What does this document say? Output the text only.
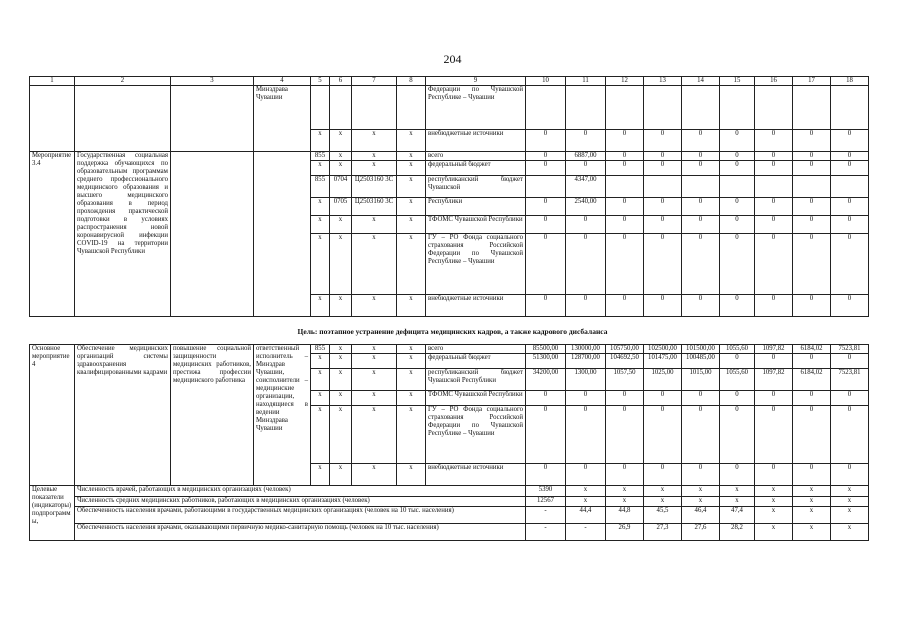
204
1	2	3	4	5	6	7	8	9	10	11	12	13	14	15	16	17	18
			Минздрава Чувашии					Федерации по Чувашской Республике – Чувашии									
				x	x	x	x	внебюджетные источники	0	0	0	0	0	0	0	0	0
Мероприятие 3.4	Государственная социальная поддержка обучающихся по образовательным программам среднего профессионального медицинского образования и высшего медицинского образования в период прохождения практической подготовки в условиях распространения новой коронавирусной инфекции COVID-19 на территории Чувашской Республики			855	x	x	x	всего	0	6887,00	0	0	0	0	0	0	0
				x	x	x	x	федеральный бюджет	0	0	0	0	0	0	0	0	0
				855	0704	Ц2503160 3С	x	республиканский бюджет Чувашской		4347,00							
				x	0705	Ц2503160 3С	x	Республики	0	2540,00	0	0	0	0	0	0	0
				x	x	x	x	ТФОМС Чувашской Республики	0	0	0	0	0	0	0	0	0
				x	x	x	x	ГУ – РО Фонда социального страхования Российской Федерации по Чувашской Республике – Чувашии	0	0	0	0	0	0	0	0	0
				x	x	x	x	внебюджетные источники	0	0	0	0	0	0	0	0	0
Цель: поэтапное устранение дефицита медицинских кадров, а также кадрового дисбаланса
Основное мероприятие 4	Обеспечение медицинских организаций системы здравоохранения квалифицированными кадрами	повышение социальной защищенности медицинских работников, престижа профессии медицинского работника	ответственный исполнитель – Минздрав Чувашии, соисполнители – медицинские организации, находящиеся в ведении Минздрава Чувашии	855	x	x	x	всего	85500,00	130000,00	105750,00	102500,00	101500,00	1055,60	1097,82	6184,02	7523,81
				x	x	x	x	федеральный бюджет	51300,00	128700,00	104692,50	101475,00	100485,00	0	0	0	0
				x	x	x	x	республиканский бюджет Чувашской Республики	34200,00	1300,00	1057,50	1025,00	1015,00	1055,60	1097,82	6184,02	7523,81
				x	x	x	x	ТФОМС Чувашской Республики	0	0	0	0	0	0	0	0	0
				x	x	x	x	ГУ – РО Фонда социального страхования Российской Федерации по Чувашской Республике – Чувашии	0	0	0	0	0	0	0	0	0
				x	x	x	x	внебюджетные источники	0	0	0	0	0	0	0	0	0
Целевые показатели (индикаторы) подпрограммы,	Численность врачей, работающих в медицинских организациях (человек)								5390	x	x	x	x	x	x	x	x
	Численность средних медицинских работников, работающих в медицинских организациях (человек)								12567	x	x	x	x	x	x	x	x
	Обеспеченность населения врачами, работающими в государственных медицинских организациях (человек на 10 тыс. населения)								-	44,4	44,8	45,5	46,4	47,4	x	x	x
	Обеспеченность населения врачами, оказывающими первичную медико-санитарную помощь (человек на 10 тыс. населения)								-	-	26,9	27,3	27,6	28,2	x	x	x
